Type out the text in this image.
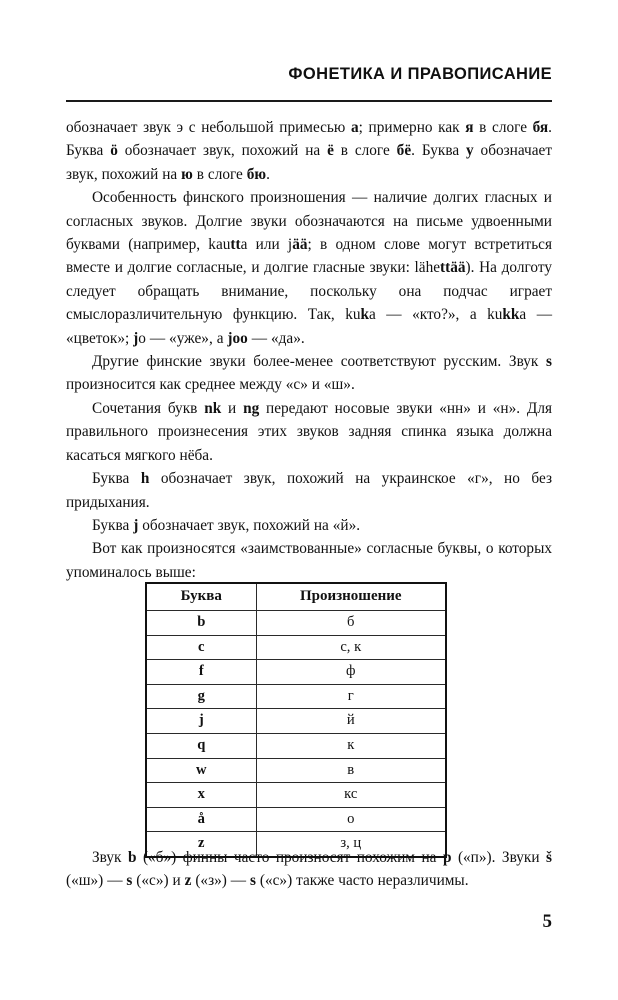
ФОНЕТИКА И ПРАВОПИСАНИЕ

обозначает звук э с небольшой примесью a; примерно как я в слоге бя. Буква ö обозначает звук, похожий на ё в слоге бё. Буква y обозначает звук, похожий на ю в слоге бю.

Особенность финского произношения — наличие долгих гласных и согласных звуков. Долгие звуки обозначаются на письме удвоенными буквами (например, kautta или jää; в одном слове могут встретиться вместе и долгие согласные, и долгие гласные звуки: lähettää). На долготу следует обращать внимание, поскольку она подчас играет смыслоразличительную функцию. Так, kuka — «кто?», a kukka — «цветок»; jo — «уже», a joo — «да».

Другие финские звуки более-менее соответствуют русским. Звук s произносится как среднее между «с» и «ш».

Сочетания букв nk и ng передают носовые звуки «нн» и «н». Для правильного произнесения этих звуков задняя спинка языка должна касаться мягкого нёба.

Буква h обозначает звук, похожий на украинское «г», но без придыхания.

Буква j обозначает звук, похожий на «й».

Вот как произносятся «заимствованные» согласные буквы, о которых упоминалось выше:

Буква	Произношение
b	б
c	с, к
f	ф
g	г
j	й
q	к
w	в
x	кс
å	о
z	з, ц

Звук b («б») финны часто произносят похожим на p («п»). Звуки š («ш») — s («с») и z («з») — s («с») также часто неразличимы.

5
